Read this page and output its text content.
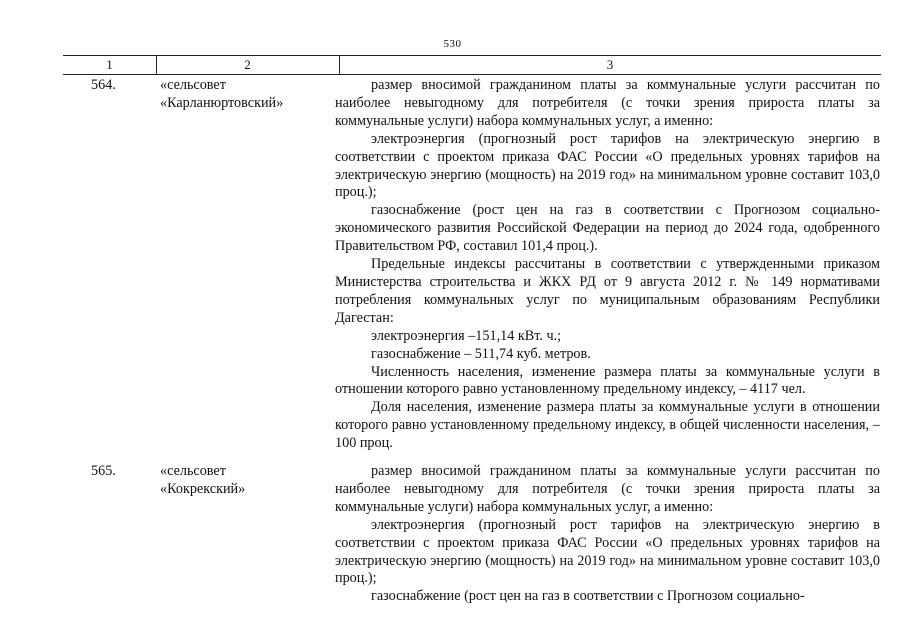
530
1	2	3
564.	«сельсовет
«Карланюртовский»

размер вносимой гражданином платы за коммунальные услуги рассчитан по наиболее невыгодному для потребителя (с точки зрения прироста платы за коммунальные услуги) набора коммунальных услуг, а именно:

электроэнергия (прогнозный рост тарифов на электрическую энергию в соответствии с проектом приказа ФАС России «О предельных уровнях тарифов на электрическую энергию (мощность) на 2019 год» на минимальном уровне составит 103,0 проц.);

газоснабжение (рост цен на газ в соответствии с Прогнозом социально-экономического развития Российской Федерации на период до 2024 года, одобренного Правительством РФ, составил 101,4 проц.).

Предельные индексы рассчитаны в соответствии с утвержденными приказом Министерства строительства и ЖКХ РД от 9 августа 2012 г. № 149 нормативами потребления коммунальных услуг по муниципальным образованиям Республики Дагестан:

электроэнергия –151,14 кВт. ч.;

газоснабжение – 511,74 куб. метров.

Численность населения, изменение размера платы за коммунальные услуги в отношении которого равно установленному предельному индексу, – 4117 чел.

Доля населения, изменение размера платы за коммунальные услуги в отношении которого равно установленному предельному индексу, в общей численности населения, – 100 проц.

565.	«сельсовет
«Кокрекский»

размер вносимой гражданином платы за коммунальные услуги рассчитан по наиболее невыгодному для потребителя (с точки зрения прироста платы за коммунальные услуги) набора коммунальных услуг, а именно:

электроэнергия (прогнозный рост тарифов на электрическую энергию в соответствии с проектом приказа ФАС России «О предельных уровнях тарифов на электрическую энергию (мощность) на 2019 год» на минимальном уровне составит 103,0 проц.);

газоснабжение (рост цен на газ в соответствии с Прогнозом социально-
